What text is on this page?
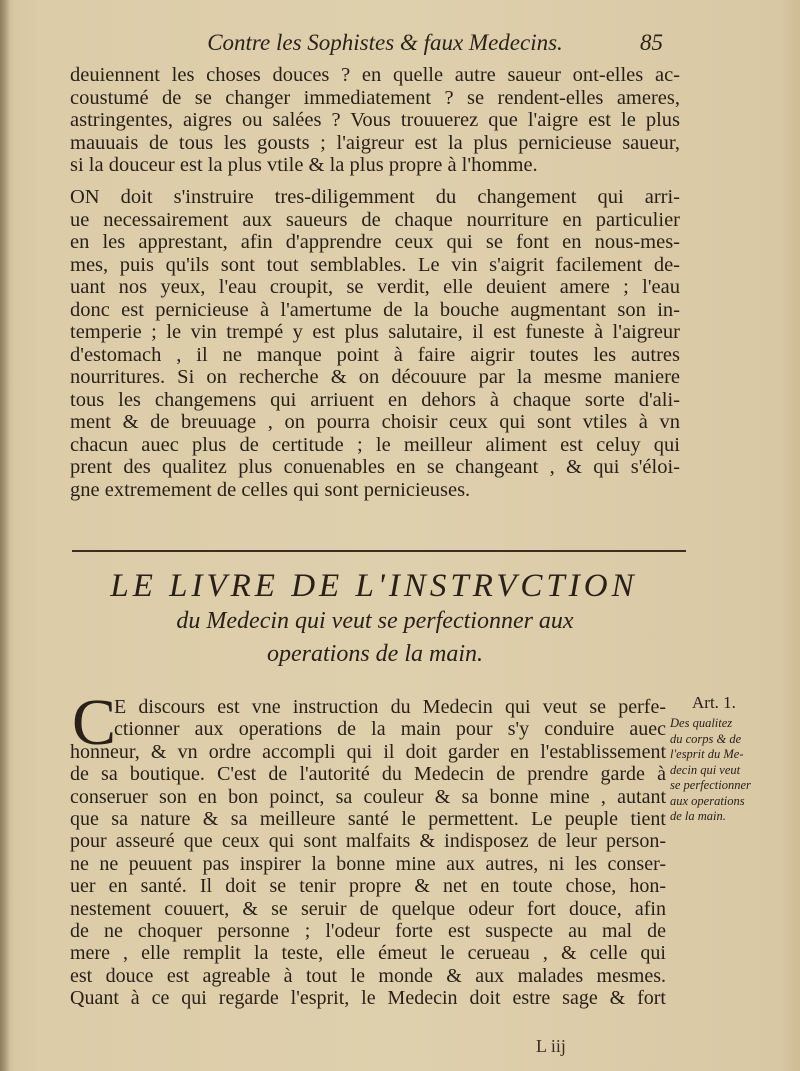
Contre les Sophistes & faux Medecins.	85
deuiennent les choses douces ? en quelle autre saueur ont-elles ac-
coustumé de se changer immediatement ? se rendent-elles ameres,
astringentes, aigres ou salées ? Vous trouuerez que l'aigre est le plus
mauuais de tous les gousts ; l'aigreur est la plus pernicieuse saueur,
si la douceur est la plus vtile & la plus propre à l'homme.
ON doit s'instruire tres-diligemment du changement qui arri-
ue necessairement aux saueurs de chaque nourriture en particulier
en les apprestant, afin d'apprendre ceux qui se font en nous-mes-
mes, puis qu'ils sont tout semblables. Le vin s'aigrit facilement de-
uant nos yeux, l'eau croupit, se verdit, elle deuient amere ; l'eau
donc est pernicieuse à l'amertume de la bouche augmentant son in-
temperie ; le vin trempé y est plus salutaire, il est funeste à l'aigreur
d'estomach , il ne manque point à faire aigrir toutes les autres
nourritures. Si on recherche & on découure par la mesme maniere
tous les changemens qui arriuent en dehors à chaque sorte d'ali-
ment & de breuuage , on pourra choisir ceux qui sont vtiles à vn
chacun auec plus de certitude ; le meilleur aliment est celuy qui
prent des qualitez plus conuenables en se changeant , & qui s'éloi-
gne extremement de celles qui sont pernicieuses.
LE LIVRE DE L'INSTRVCTION
du Medecin qui veut se perfectionner aux
operations de la main.
C
E discours est vne instruction du Medecin qui veut se perfe-
ctionner aux operations de la main pour s'y conduire auec
honneur, & vn ordre accompli qui il doit garder en l'establissement
de sa boutique. C'est de l'autorité du Medecin de prendre garde à
conseruer son en bon poinct, sa couleur & sa bonne mine , autant
que sa nature & sa meilleure santé le permettent. Le peuple tient
pour asseuré que ceux qui sont malfaits & indisposez de leur person-
ne ne peuuent pas inspirer la bonne mine aux autres, ni les conser-
uer en santé. Il doit se tenir propre & net en toute chose, hon-
nestement couuert, & se seruir de quelque odeur fort douce, afin
de ne choquer personne ; l'odeur forte est suspecte au mal de
mere , elle remplit la teste, elle émeut le cerueau , & celle qui
est douce est agreable à tout le monde & aux malades mesmes.
Quant à ce qui regarde l'esprit, le Medecin doit estre sage & fort
Art. 1.
Des qualitez
du corps & de
l'esprit du Me-
decin qui veut
se perfectionner
aux operations
de la main.
L iij
